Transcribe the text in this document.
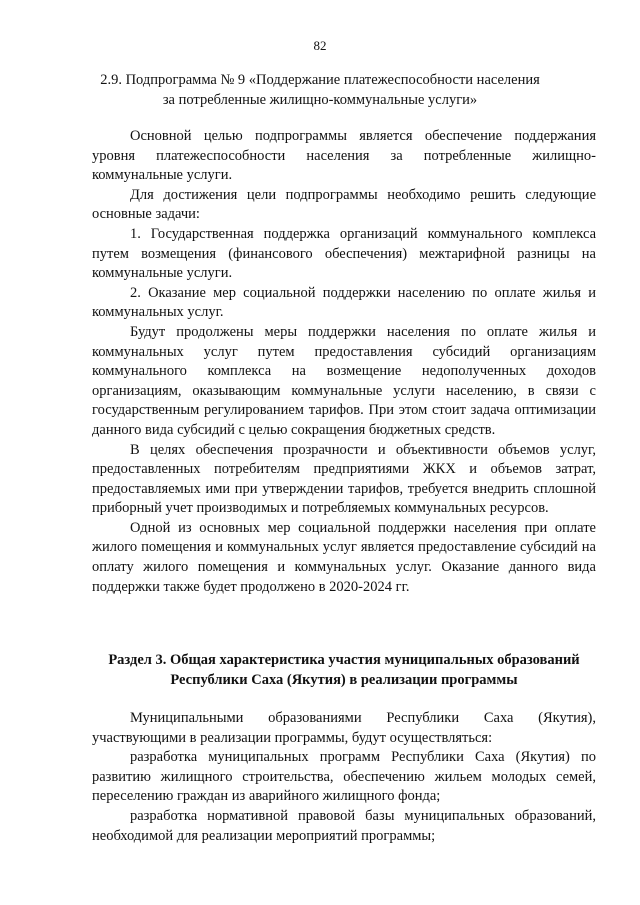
82
2.9. Подпрограмма № 9 «Поддержание платежеспособности населения
за потребленные жилищно-коммунальные услуги»

Основной целью подпрограммы является обеспечение поддержания уровня платежеспособности населения за потребленные жилищно-коммунальные услуги.

Для достижения цели подпрограммы необходимо решить следующие основные задачи:

1. Государственная поддержка организаций коммунального комплекса путем возмещения (финансового обеспечения) межтарифной разницы на коммунальные услуги.

2. Оказание мер социальной поддержки населению по оплате жилья и коммунальных услуг.

Будут продолжены меры поддержки населения по оплате жилья и коммунальных услуг путем предоставления субсидий организациям коммунального комплекса на возмещение недополученных доходов организациям, оказывающим коммунальные услуги населению, в связи с государственным регулированием тарифов. При этом стоит задача оптимизации данного вида субсидий с целью сокращения бюджетных средств.

В целях обеспечения прозрачности и объективности объемов услуг, предоставленных потребителям предприятиями ЖКХ и объемов затрат, предоставляемых ими при утверждении тарифов, требуется внедрить сплошной приборный учет производимых и потребляемых коммунальных ресурсов.

Одной из основных мер социальной поддержки населения при оплате жилого помещения и коммунальных услуг является предоставление субсидий на оплату жилого помещения и коммунальных услуг. Оказание данного вида поддержки также будет продолжено в 2020-2024 гг.

Раздел 3. Общая характеристика участия муниципальных образований
Республики Саха (Якутия) в реализации программы

Муниципальными образованиями Республики Саха (Якутия), участвующими в реализации программы, будут осуществляться:

разработка муниципальных программ Республики Саха (Якутия) по развитию жилищного строительства, обеспечению жильем молодых семей, переселению граждан из аварийного жилищного фонда;

разработка нормативной правовой базы муниципальных образований, необходимой для реализации мероприятий программы;
